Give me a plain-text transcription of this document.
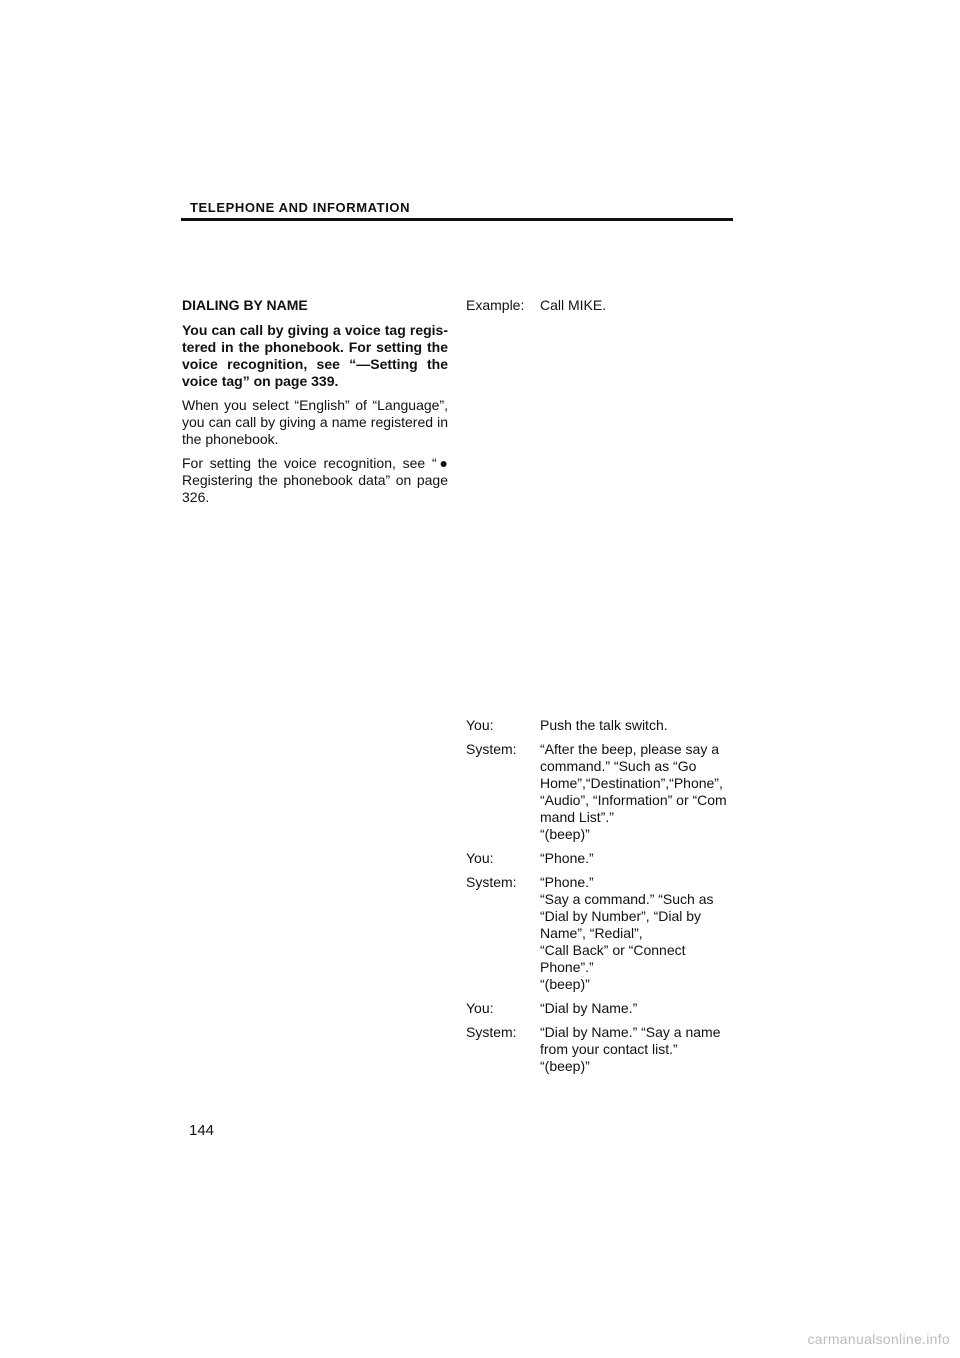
TELEPHONE AND INFORMATION

DIALING BY NAME

You can call by giving a voice tag regis-tered in the phonebook. For setting the voice recognition, see “—Setting the voice tag” on page 339.

When you select “English” of “Language”, you can call by giving a name registered in the phonebook.

For setting the voice recognition, see “● Registering the phonebook data” on page 326.

Example:	Call MIKE.
You:	Push the talk switch.
System:	“After the beep, please say a
command.” “Such as “Go
Home”,“Destination”,“Phone”,
“Audio”, “Information” or “Com
mand List”.”
“(beep)”
You:	“Phone.”
System:	“Phone.”
“Say a command.” “Such as
“Dial by Number”, “Dial by
Name”, “Redial”,
“Call Back” or “Connect
Phone”.”
“(beep)”
You:	“Dial by Name.”
System:	“Dial by Name.” “Say a name
from your contact list.”
“(beep)”
144
carmanualsonline.info
